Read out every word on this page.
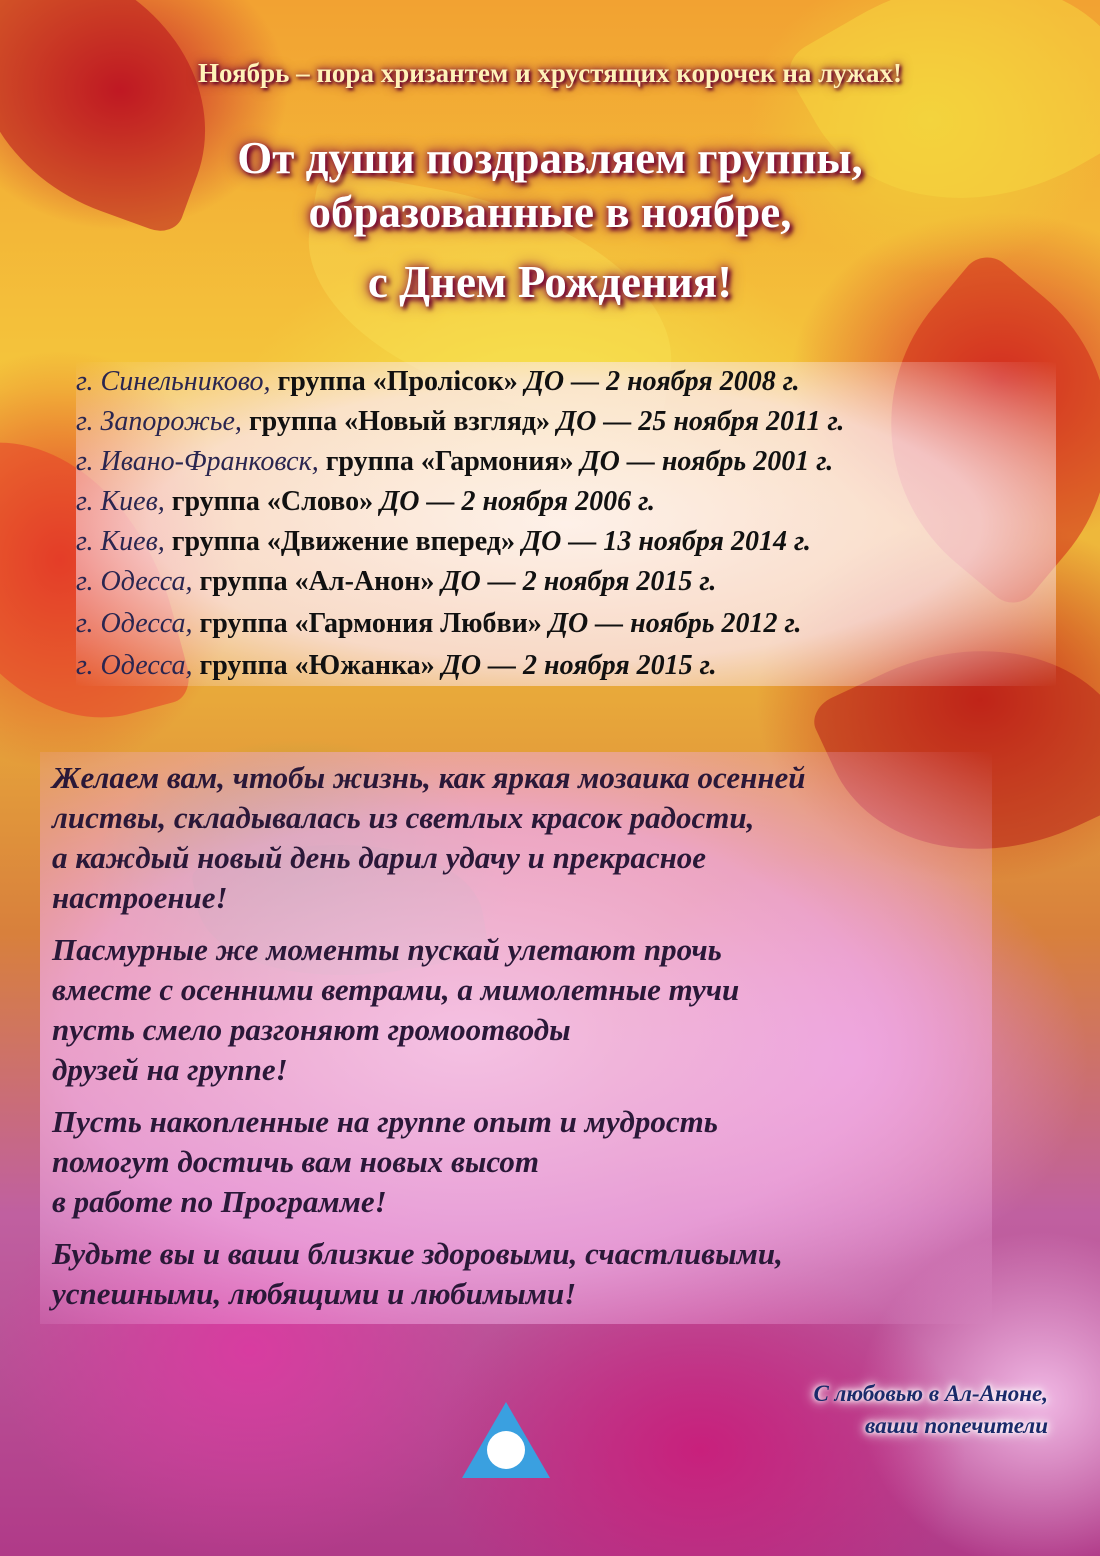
Ноябрь – пора хризантем и хрустящих корочек на лужах!
От души поздравляем группы,
образованные в ноябре,
с Днем Рождения!
г. Синельниково, группа «Пролісок» ДО — 2 ноября 2008 г.
г. Запорожье, группа «Новый взгляд» ДО — 25 ноября 2011 г.
г. Ивано-Франковск, группа «Гармония» ДО — ноябрь 2001 г.
г. Киев, группа «Слово» ДО — 2 ноября 2006 г.
г. Киев, группа «Движение вперед» ДО — 13 ноября 2014 г.
г. Одесса, группа «Ал-Анон» ДО — 2 ноября 2015 г.
г. Одесса, группа «Гармония Любви» ДО — ноябрь 2012 г.
г. Одесса, группа «Южанка» ДО — 2 ноября 2015 г.
Желаем вам, чтобы жизнь, как яркая мозаика осенней
листвы, складывалась из светлых красок радости,
а каждый новый день дарил удачу и прекрасное
настроение!
Пасмурные же моменты пускай улетают прочь
вместе с осенними ветрами, а мимолетные тучи
пусть смело разгоняют громоотводы
друзей на группе!
Пусть накопленные на группе опыт и мудрость
помогут достичь вам новых высот
в работе по Программе!
Будьте вы и ваши близкие здоровыми, счастливыми,
успешными, любящими и любимыми!
С любовью в Ал-Аноне,
ваши попечители
